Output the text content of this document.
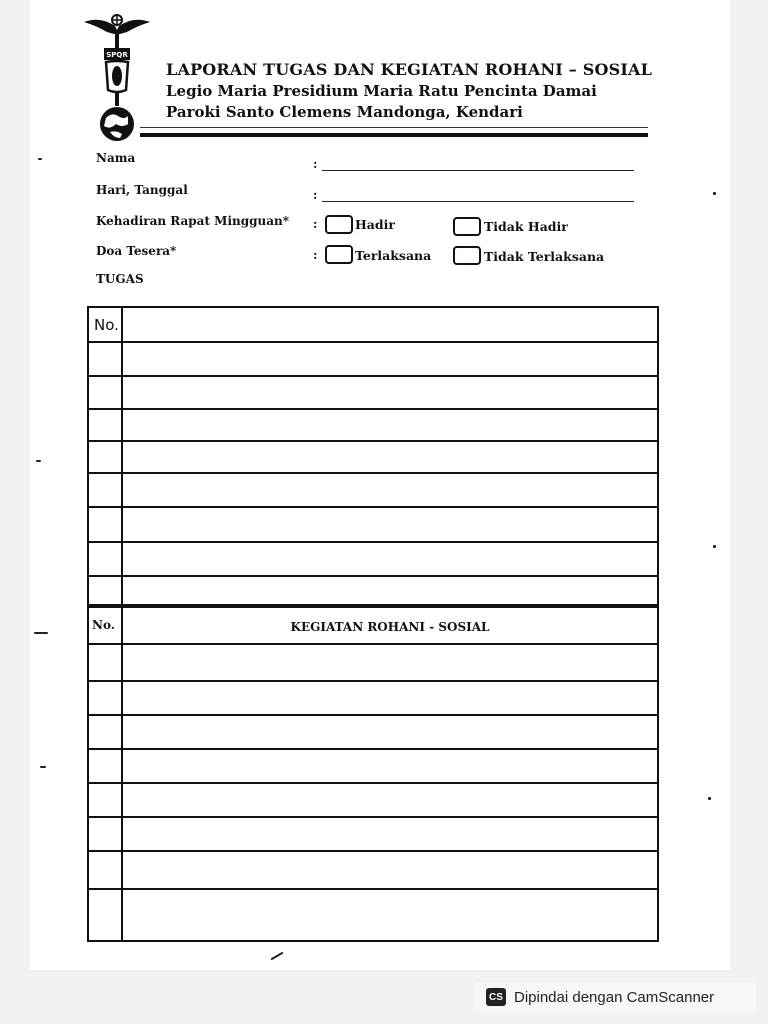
SPQR
LAPORAN TUGAS DAN KEGIATAN ROHANI – SOSIAL
Legio Maria Presidium Maria Ratu Pencinta Damai
Paroki Santo Clemens Mandonga, Kendari
Nama	:
Hari, Tanggal	:
Kehadiran Rapat Mingguan* :	Hadir	Tidak Hadir
Doa Tesera*	:	Terlaksana	Tidak Terlaksana
TUGAS
No.
No.	KEGIATAN ROHANI - SOSIAL
CS Dipindai dengan CamScanner
